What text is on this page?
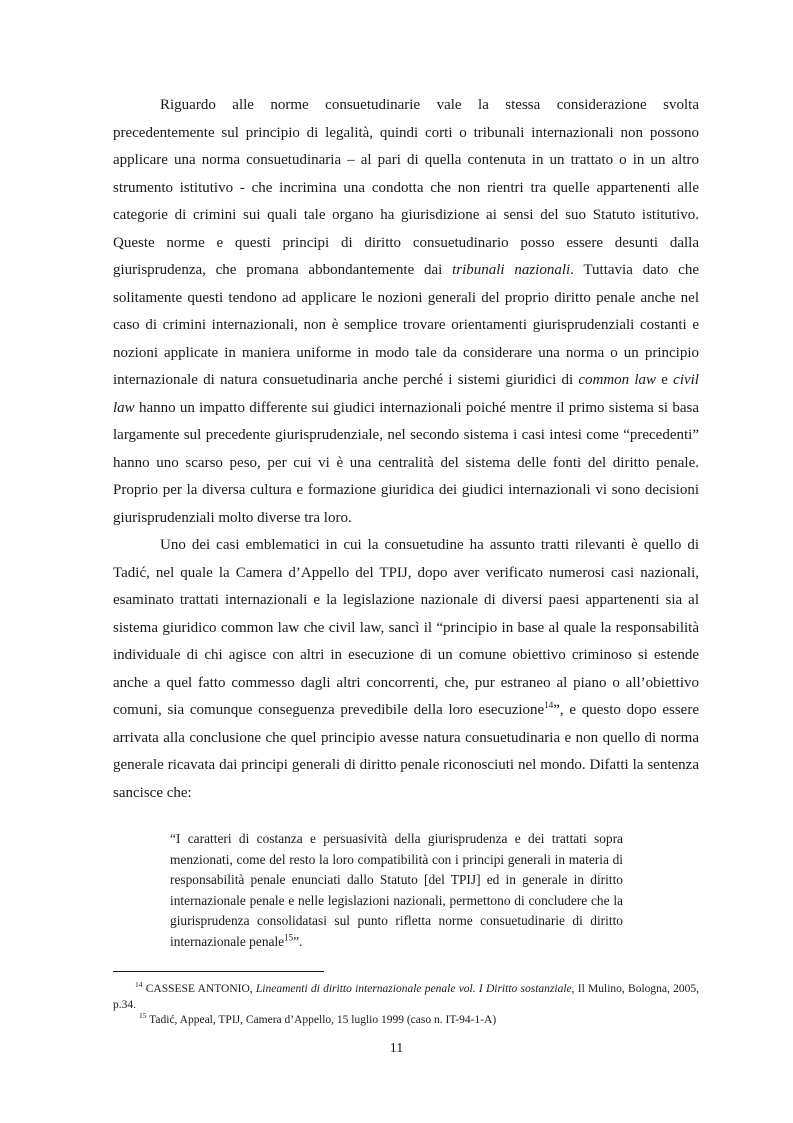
Riguardo alle norme consuetudinarie vale la stessa considerazione svolta precedentemente sul principio di legalità, quindi corti o tribunali internazionali non possono applicare una norma consuetudinaria – al pari di quella contenuta in un trattato o in un altro strumento istitutivo - che incrimina una condotta che non rientri tra quelle appartenenti alle categorie di crimini sui quali tale organo ha giurisdizione ai sensi del suo Statuto istitutivo. Queste norme e questi principi di diritto consuetudinario posso essere desunti dalla giurisprudenza, che promana abbondantemente dai tribunali nazionali. Tuttavia dato che solitamente questi tendono ad applicare le nozioni generali del proprio diritto penale anche nel caso di crimini internazionali, non è semplice trovare orientamenti giurisprudenziali costanti e nozioni applicate in maniera uniforme in modo tale da considerare una norma o un principio internazionale di natura consuetudinaria anche perché i sistemi giuridici di common law e civil law hanno un impatto differente sui giudici internazionali poiché mentre il primo sistema si basa largamente sul precedente giurisprudenziale, nel secondo sistema i casi intesi come “precedenti” hanno uno scarso peso, per cui vi è una centralità del sistema delle fonti del diritto penale. Proprio per la diversa cultura e formazione giuridica dei giudici internazionali vi sono decisioni giurisprudenziali molto diverse tra loro.

Uno dei casi emblematici in cui la consuetudine ha assunto tratti rilevanti è quello di Tadić, nel quale la Camera d’Appello del TPIJ, dopo aver verificato numerosi casi nazionali, esaminato trattati internazionali e la legislazione nazionale di diversi paesi appartenenti sia al sistema giuridico common law che civil law, sancì il “principio in base al quale la responsabilità individuale di chi agisce con altri in esecuzione di un comune obiettivo criminoso si estende anche a quel fatto commesso dagli altri concorrenti, che, pur estraneo al piano o all’obiettivo comuni, sia comunque conseguenza prevedibile della loro esecuzione$^{14}$”, e questo dopo essere arrivata alla conclusione che quel principio avesse natura consuetudinaria e non quello di norma generale ricavata dai principi generali di diritto penale riconosciuti nel mondo. Difatti la sentenza sancisce che:

“I caratteri di costanza e persuasività della giurisprudenza e dei trattati sopra menzionati, come del resto la loro compatibilità con i principi generali in materia di responsabilità penale enunciati dallo Statuto [del TPIJ] ed in generale in diritto internazionale penale e nelle legislazioni nazionali, permettono di concludere che la giurisprudenza consolidatasi sul punto rifletta norme consuetudinarie di diritto internazionale penale$^{15}$”.

$^{14}$ CASSESE ANTONIO, Lineamenti di diritto internazionale penale vol. I Diritto sostanziale, Il Mulino, Bologna, 2005, p.34.

$^{15}$ Tadić, Appeal, TPIJ, Camera d’Appello, 15 luglio 1999 (caso n. IT-94-1-A)

11
